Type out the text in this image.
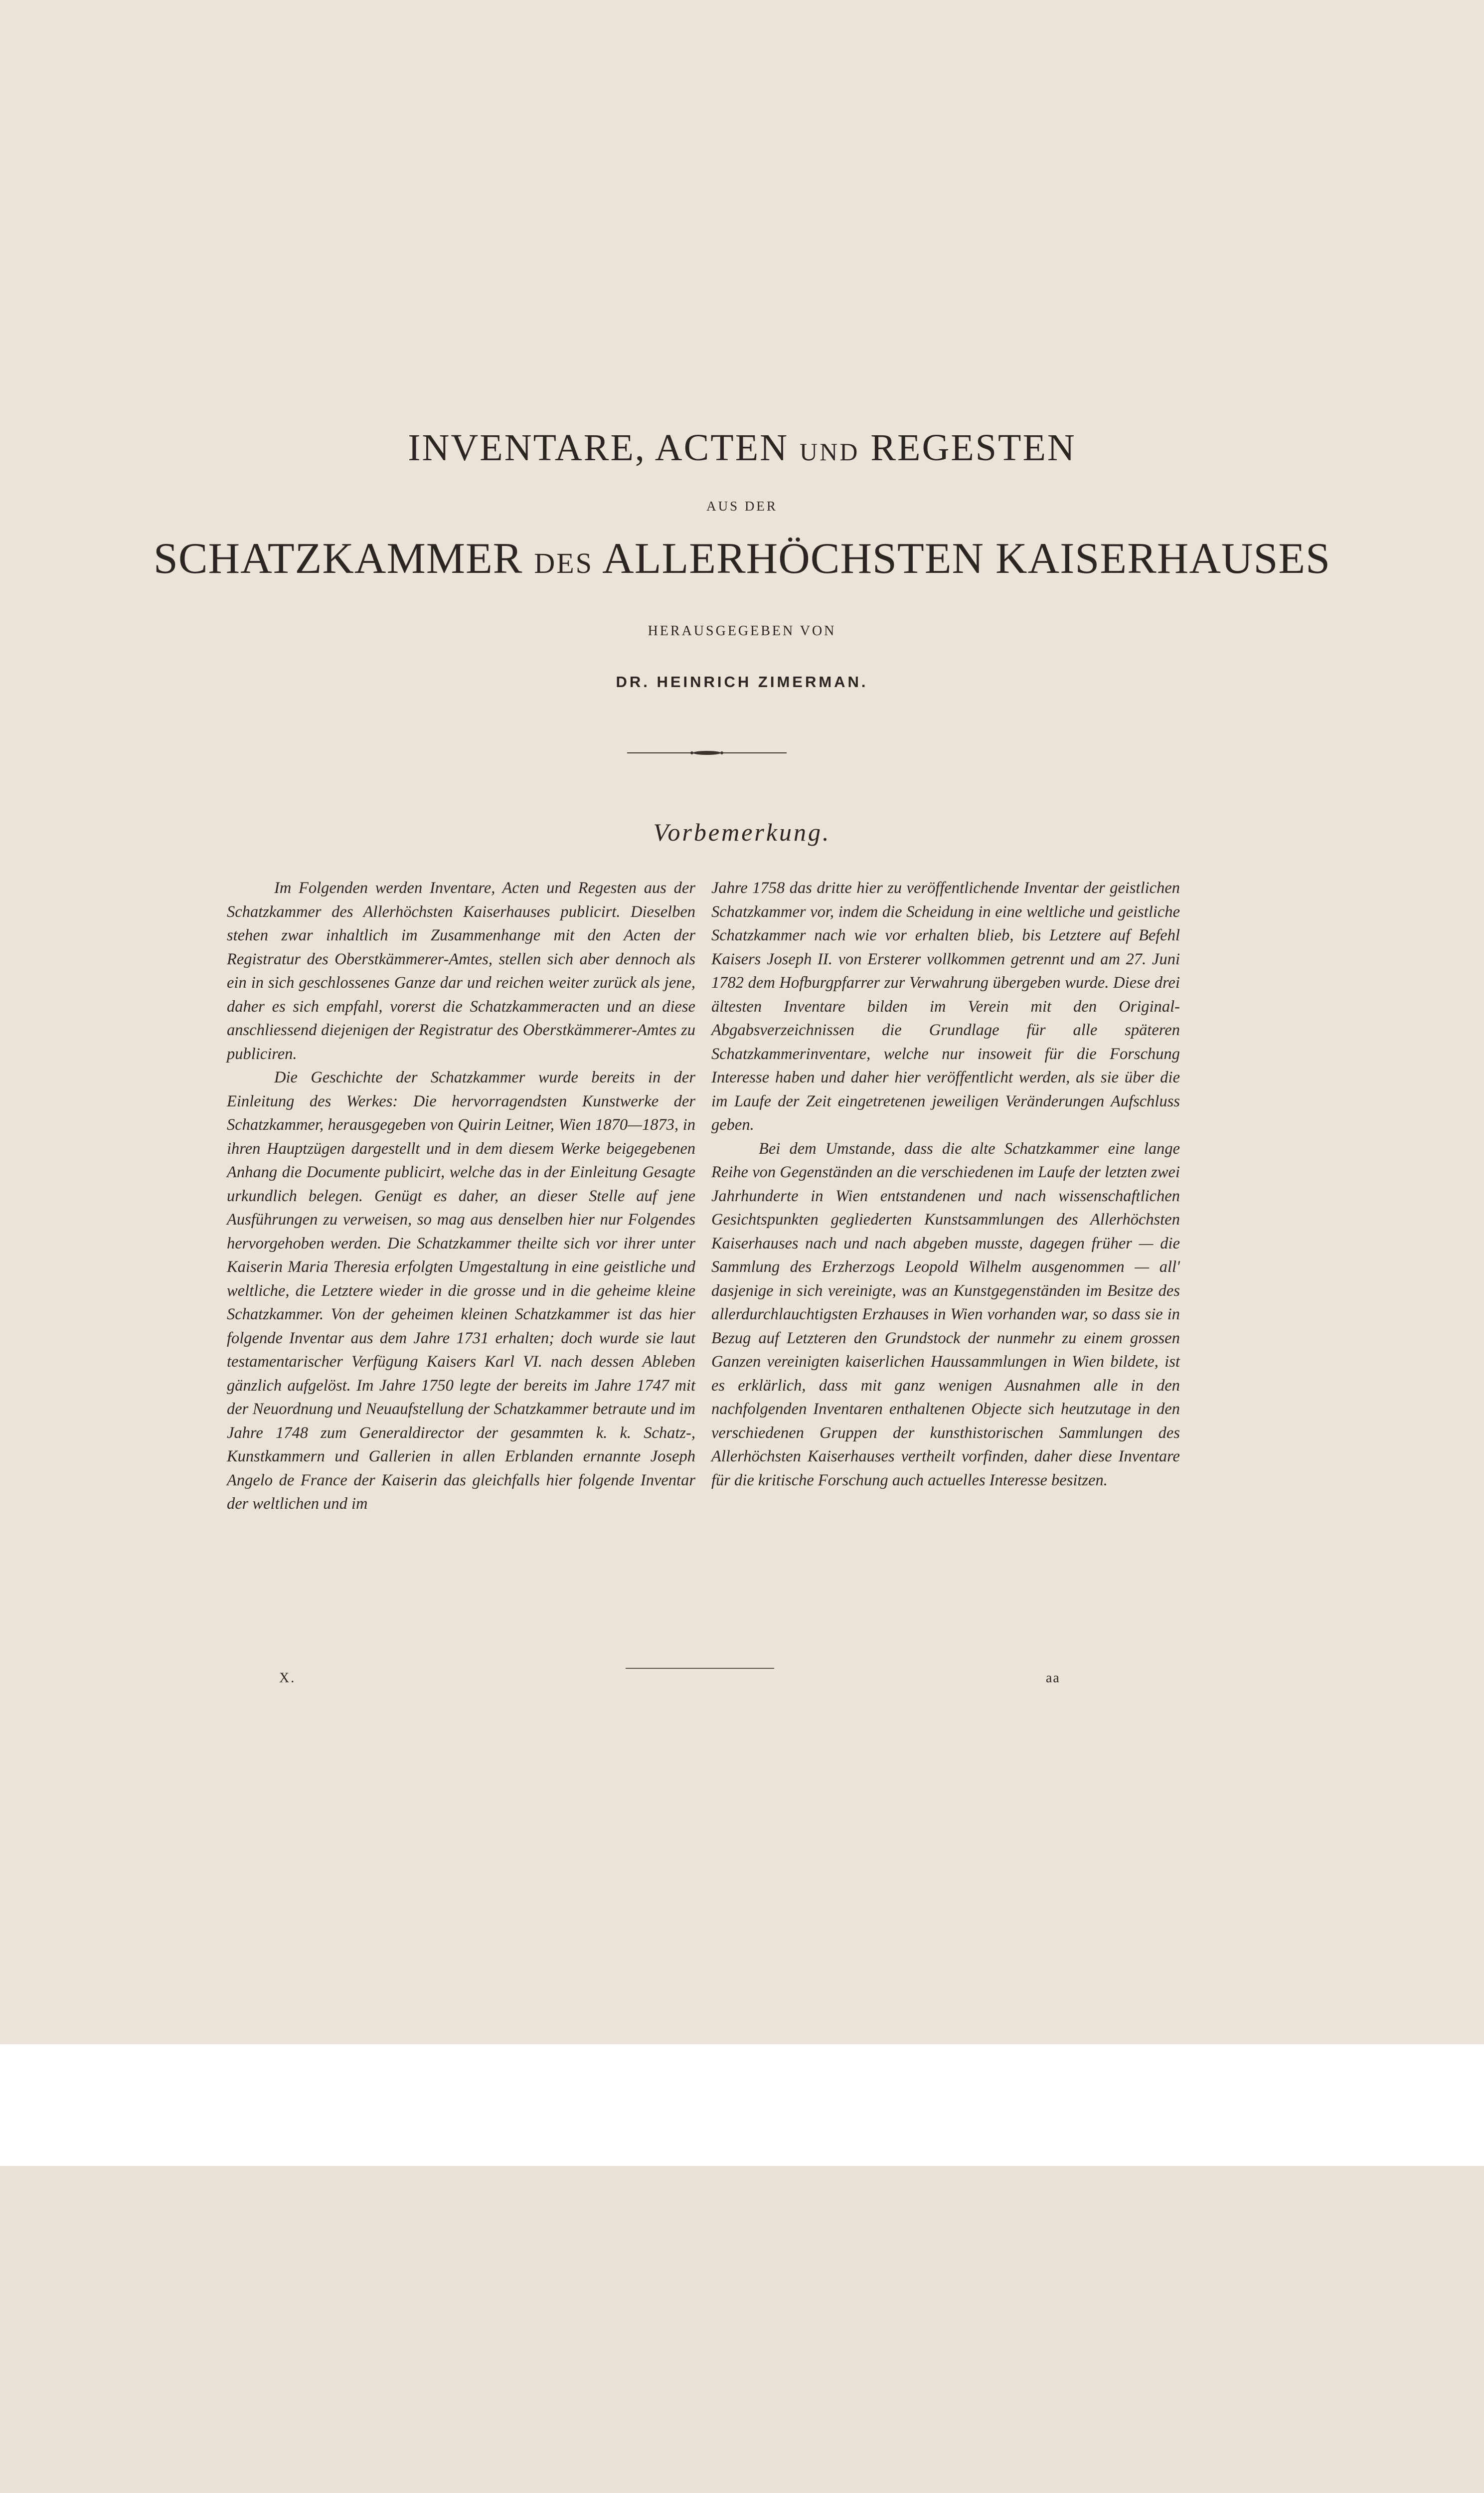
INVENTARE, ACTEN UND REGESTEN
AUS DER
SCHATZKAMMER DES ALLERHÖCHSTEN KAISERHAUSES
HERAUSGEGEBEN VON
DR. HEINRICH ZIMERMAN.
Vorbemerkung.

Im Folgenden werden Inventare, Acten und Regesten aus der Schatzkammer des Allerhöchsten Kaiserhauses publicirt. Dieselben stehen zwar inhaltlich im Zusammenhange mit den Acten der Registratur des Oberstkämmerer-Amtes, stellen sich aber dennoch als ein in sich geschlossenes Ganze dar und reichen weiter zurück als jene, daher es sich empfahl, vorerst die Schatzkammeracten und an diese anschliessend diejenigen der Registratur des Oberstkämmerer-Amtes zu publiciren.

Die Geschichte der Schatzkammer wurde bereits in der Einleitung des Werkes: Die hervorragendsten Kunstwerke der Schatzkammer, herausgegeben von Quirin Leitner, Wien 1870—1873, in ihren Hauptzügen dargestellt und in dem diesem Werke beigegebenen Anhang die Documente publicirt, welche das in der Einleitung Gesagte urkundlich belegen. Genügt es daher, an dieser Stelle auf jene Ausführungen zu verweisen, so mag aus denselben hier nur Folgendes hervorgehoben werden. Die Schatzkammer theilte sich vor ihrer unter Kaiserin Maria Theresia erfolgten Umgestaltung in eine geistliche und weltliche, die Letztere wieder in die grosse und in die geheime kleine Schatzkammer. Von der geheimen kleinen Schatzkammer ist das hier folgende Inventar aus dem Jahre 1731 erhalten; doch wurde sie laut testamentarischer Verfügung Kaisers Karl VI. nach dessen Ableben gänzlich aufgelöst. Im Jahre 1750 legte der bereits im Jahre 1747 mit der Neuordnung und Neuaufstellung der Schatzkammer betraute und im Jahre 1748 zum Generaldirector der gesammten k. k. Schatz-, Kunstkammern und Gallerien in allen Erblanden ernannte Joseph Angelo de France der Kaiserin das gleichfalls hier folgende Inventar der weltlichen und im

Jahre 1758 das dritte hier zu veröffentlichende Inventar der geistlichen Schatzkammer vor, indem die Scheidung in eine weltliche und geistliche Schatzkammer nach wie vor erhalten blieb, bis Letztere auf Befehl Kaisers Joseph II. von Ersterer vollkommen getrennt und am 27. Juni 1782 dem Hofburgpfarrer zur Verwahrung übergeben wurde. Diese drei ältesten Inventare bilden im Verein mit den Original-Abgabsverzeichnissen die Grundlage für alle späteren Schatzkammerinventare, welche nur insoweit für die Forschung Interesse haben und daher hier veröffentlicht werden, als sie über die im Laufe der Zeit eingetretenen jeweiligen Veränderungen Aufschluss geben.

Bei dem Umstande, dass die alte Schatzkammer eine lange Reihe von Gegenständen an die verschiedenen im Laufe der letzten zwei Jahrhunderte in Wien entstandenen und nach wissenschaftlichen Gesichtspunkten gegliederten Kunstsammlungen des Allerhöchsten Kaiserhauses nach und nach abgeben musste, dagegen früher — die Sammlung des Erzherzogs Leopold Wilhelm ausgenommen — all' dasjenige in sich vereinigte, was an Kunstgegenständen im Besitze des allerdurchlauchtigsten Erzhauses in Wien vorhanden war, so dass sie in Bezug auf Letzteren den Grundstock der nunmehr zu einem grossen Ganzen vereinigten kaiserlichen Haussammlungen in Wien bildete, ist es erklärlich, dass mit ganz wenigen Ausnahmen alle in den nachfolgenden Inventaren enthaltenen Objecte sich heutzutage in den verschiedenen Gruppen der kunsthistorischen Sammlungen des Allerhöchsten Kaiserhauses vertheilt vorfinden, daher diese Inventare für die kritische Forschung auch actuelles Interesse besitzen.

X.	aa
